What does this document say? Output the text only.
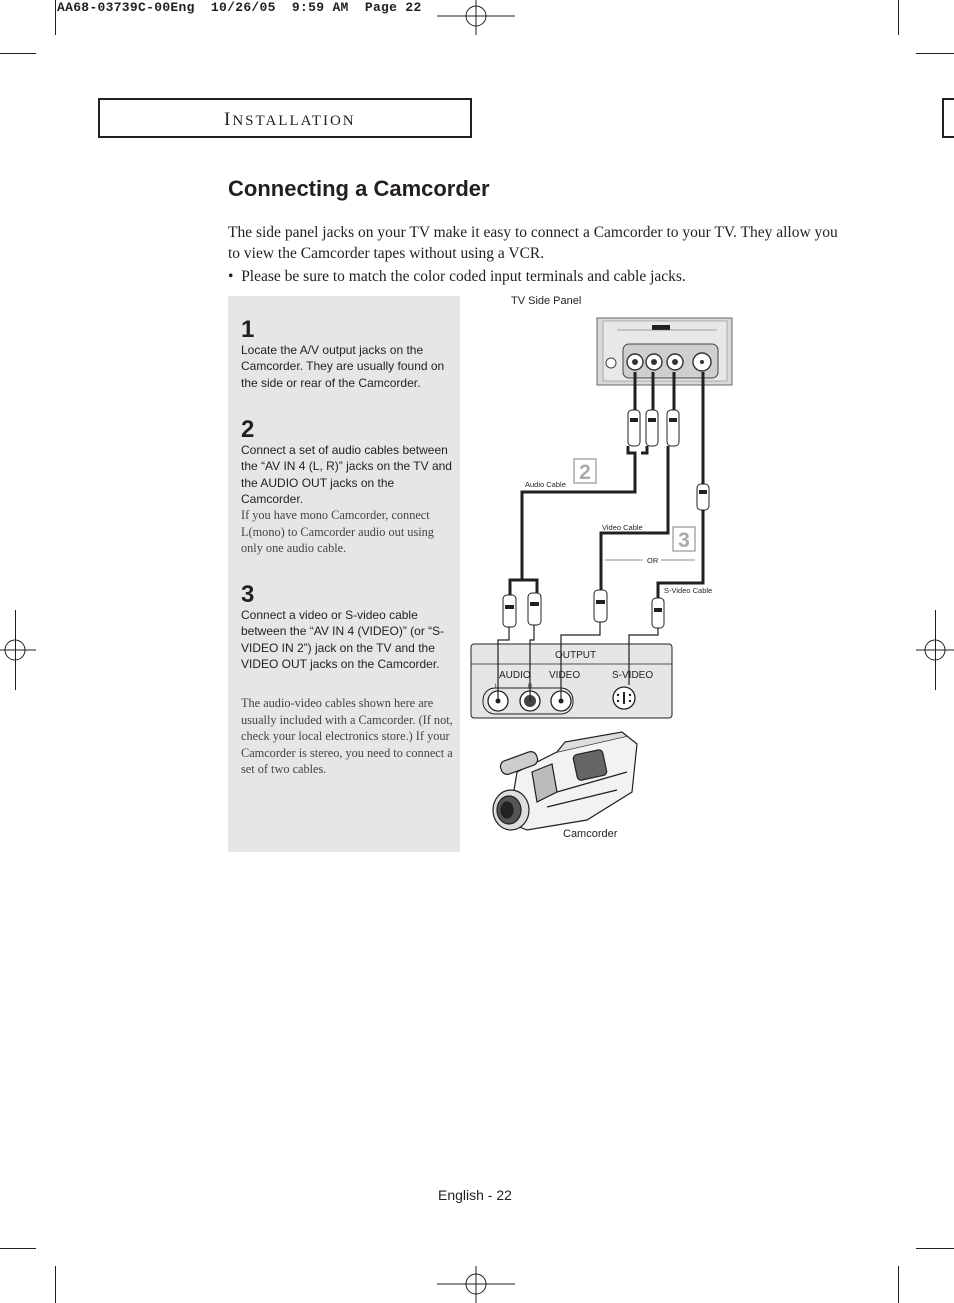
AA68-03739C-00Eng  10/26/05  9:59 AM  Page 22
INSTALLATION
Connecting a Camcorder
The side panel jacks on your TV make it easy to connect a Camcorder to your TV. They allow you to view the Camcorder tapes without using a VCR.
•  Please be sure to match the color coded input terminals and cable jacks.
1
Locate the A/V output jacks on the Camcorder. They are usually found on the side or rear of the Camcorder.
2
Connect a set of audio cables between the “AV IN 4 (L, R)” jacks on the TV and the AUDIO OUT jacks on the Camcorder.
If you have mono Camcorder, connect L(mono) to Camcorder audio out using only one audio cable.
3
Connect a video or S-video cable between the “AV IN 4 (VIDEO)” (or “S-VIDEO IN 2”) jack on the TV and the VIDEO OUT jacks on the Camcorder.
The audio-video cables shown here are usually included with a Camcorder. (If not, check your local electronics store.) If your Camcorder is stereo, you need to connect a set of two cables.
TV Side Panel
Audio Cable
Video Cable
OR
S-Video Cable
2
3
OUTPUT
AUDIO VIDEO	S-VIDEO
L	R
Camcorder
English - 22
